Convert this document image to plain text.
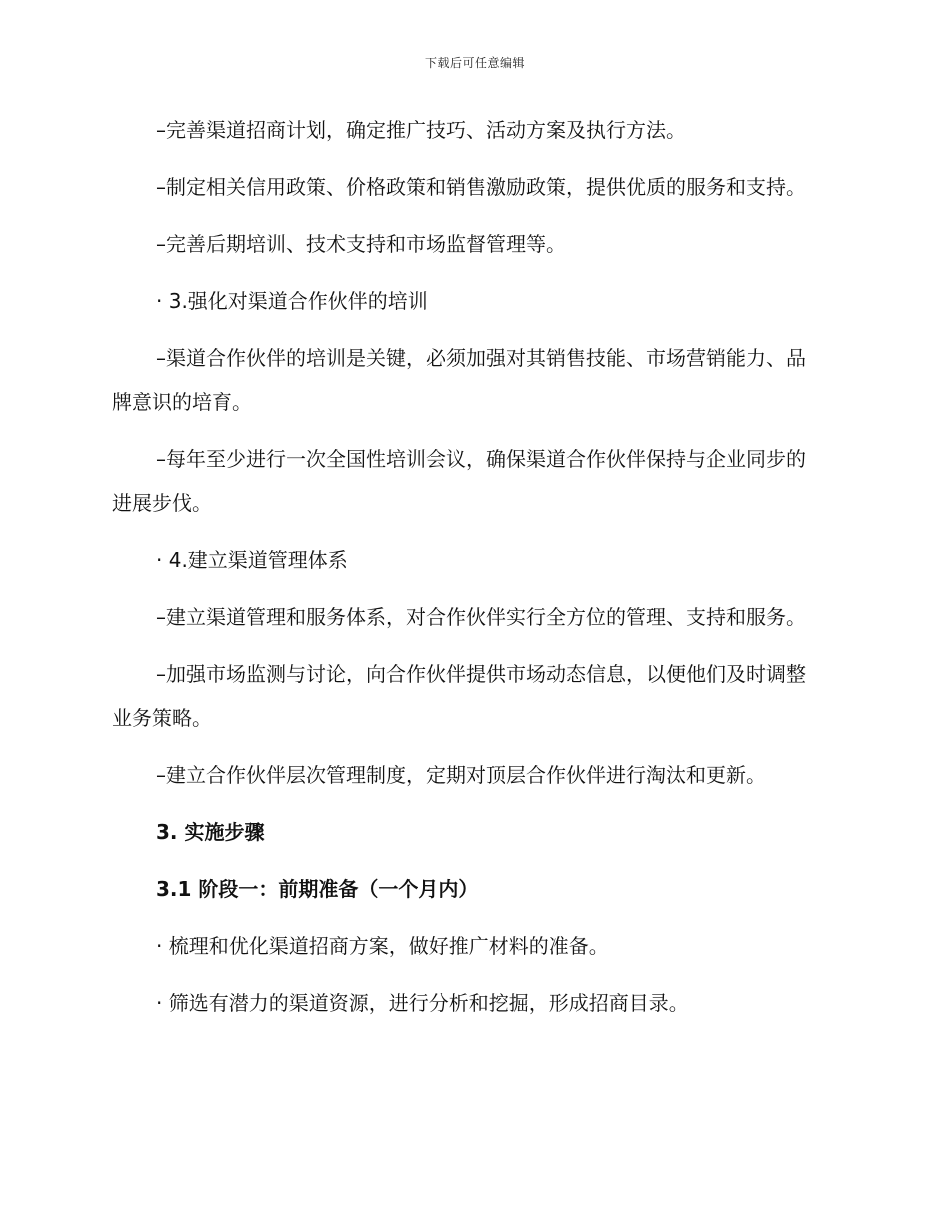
下载后可任意编辑

–完善渠道招商计划，确定推广技巧、活动方案及执行方法。

–制定相关信用政策、价格政策和销售激励政策，提供优质的服务和支持。

–完善后期培训、技术支持和市场监督管理等。

· 3.强化对渠道合作伙伴的培训

–渠道合作伙伴的培训是关键，必须加强对其销售技能、市场营销能力、品牌意识的培育。

–每年至少进行一次全国性培训会议，确保渠道合作伙伴保持与企业同步的进展步伐。

· 4.建立渠道管理体系

–建立渠道管理和服务体系，对合作伙伴实行全方位的管理、支持和服务。

–加强市场监测与讨论，向合作伙伴提供市场动态信息，以便他们及时调整业务策略。

–建立合作伙伴层次管理制度，定期对顶层合作伙伴进行淘汰和更新。

3. 实施步骤

3.1 阶段一：前期准备（一个月内）

· 梳理和优化渠道招商方案，做好推广材料的准备。

· 筛选有潜力的渠道资源，进行分析和挖掘，形成招商目录。
